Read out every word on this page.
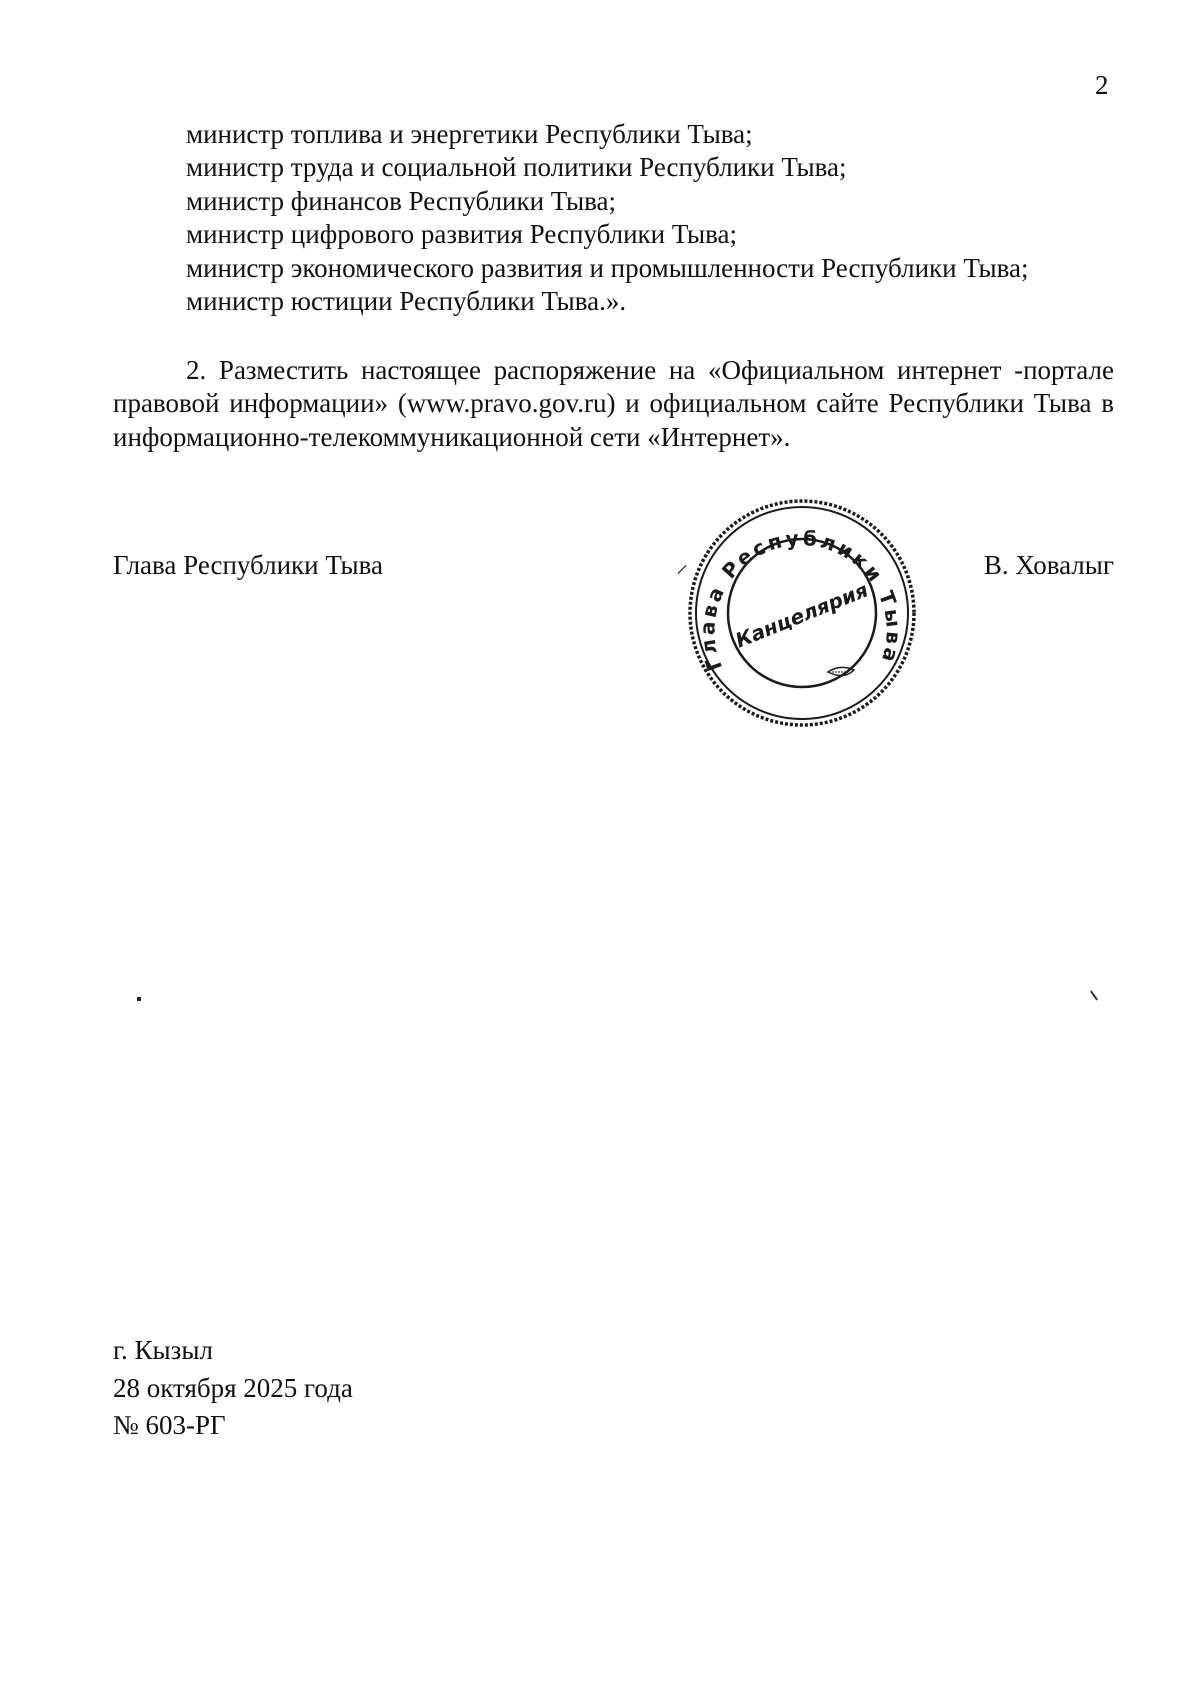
2
министр топлива и энергетики Республики Тыва;
министр труда и социальной политики Республики Тыва;
министр финансов Республики Тыва;
министр цифрового развития Республики Тыва;
министр экономического развития и промышленности Республики Тыва;
министр юстиции Республики Тыва.».

2. Разместить настоящее распоряжение на «Официальном интернет -портале правовой информации» (www.pravo.gov.ru) и официальном сайте Республики Тыва в информационно-телекоммуникационной сети «Интернет».

Глава Республики Тыва	В. Ховалыг
⸝
Глава Республики Тыва
Канцелярия
г. Кызыл
28 октября 2025 года
№ 603-РГ
